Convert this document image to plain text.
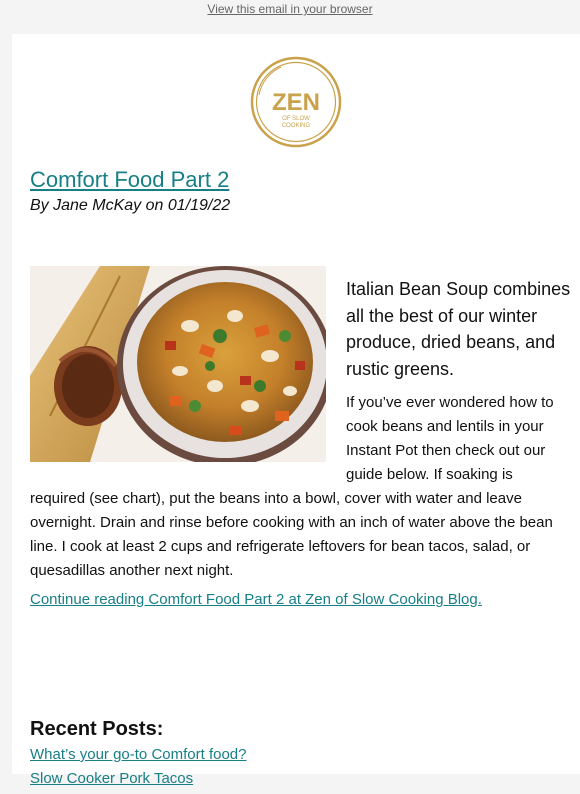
View this email in your browser
ZEN
OF SLOW
COOKING
Comfort Food Part 2
By Jane McKay on 01/19/22

Italian Bean Soup combines all the best of our winter produce, dried beans, and rustic greens.

If you’ve ever wondered how to cook beans and lentils in your Instant Pot then check out our guide below. If soaking is required (see chart), put the beans into a bowl, cover with water and leave overnight. Drain and rinse before cooking with an inch of water above the bean line. I cook at least 2 cups and refrigerate leftovers for bean tacos, salad, or quesadillas another next night.

Continue reading Comfort Food Part 2 at Zen of Slow Cooking Blog.
Recent Posts:
What’s your go-to Comfort food?
Slow Cooker Pork Tacos
